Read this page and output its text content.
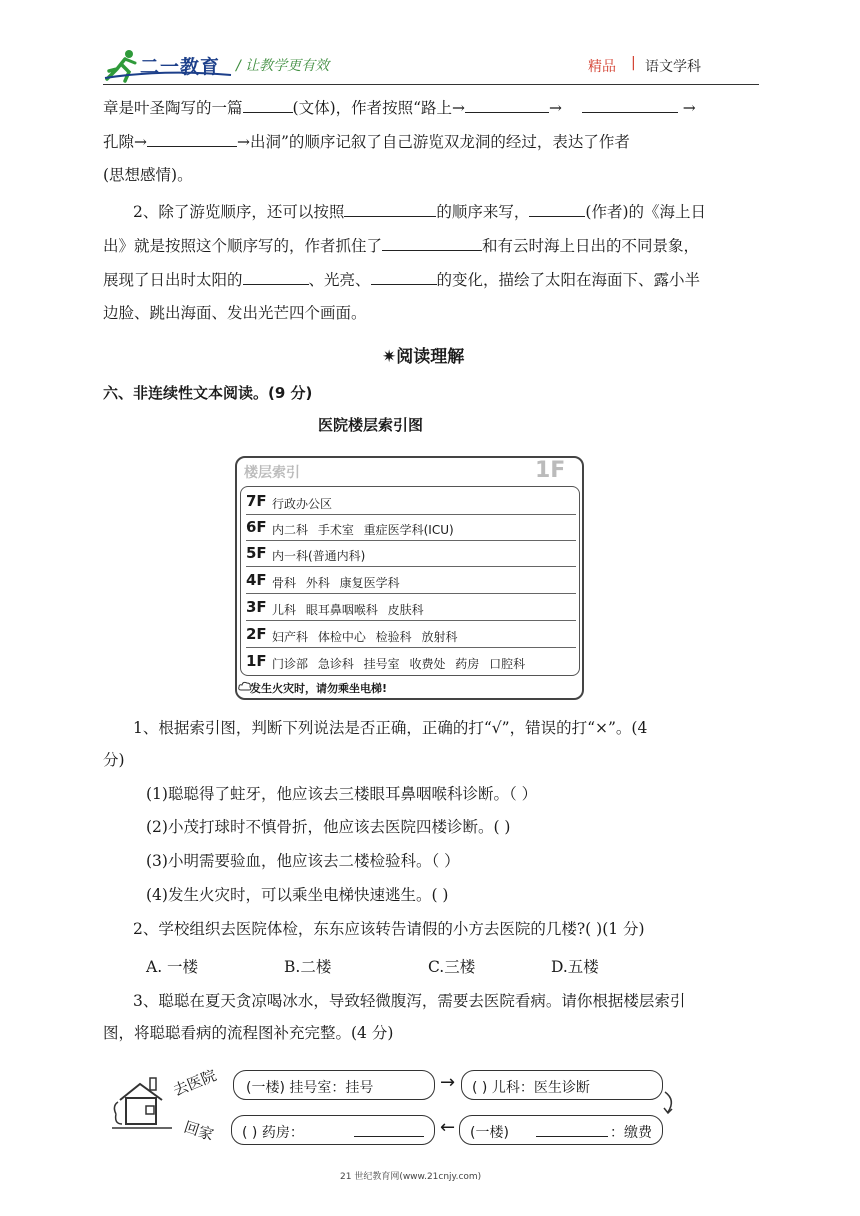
二一教育 / 让教学更有效	精品 | 语文学科
章是叶圣陶写的一篇	(文体)，作者按照“路上→	→	→
孔隙→	→出洞”的顺序记叙了自己游览双龙洞的经过，表达了作者
(思想感情)。
2、除了游览顺序，还可以按照	的顺序来写，	(作者)的《海上日
出》就是按照这个顺序写的，作者抓住了	和有云时海上日出的不同景象，
展现了日出时太阳的	、光亮、	的变化，描绘了太阳在海面下、露小半
边脸、跳出海面、发出光芒四个画面。
✷阅读理解
六、非连续性文本阅读。(9 分)
医院楼层索引图
楼层索引	1F
7F 行政办公区
6F 内二科 手术室 重症医学科(ICU)
5F 内一科(普通内科)
4F 骨科 外科 康复医学科
3F 儿科 眼耳鼻咽喉科 皮肤科
2F 妇产科 体检中心 检验科 放射科
1F 门诊部 急诊科 挂号室 收费处 药房 口腔科
发生火灾时，请勿乘坐电梯!
1、根据索引图，判断下列说法是否正确，正确的打“√”，错误的打“×”。(4
分)
(1)聪聪得了蛀牙，他应该去三楼眼耳鼻咽喉科诊断。（ ）
(2)小茂打球时不慎骨折，他应该去医院四楼诊断。( )
(3)小明需要验血，他应该去二楼检验科。（ ）
(4)发生火灾时，可以乘坐电梯快速逃生。( )
2、学校组织去医院体检，东东应该转告请假的小方去医院的几楼?( )(1 分)
A. 一楼	B.二楼	C.三楼	D.五楼
3、聪聪在夏天贪凉喝冰水，导致轻微腹泻，需要去医院看病。请你根据楼层索引
图，将聪聪看病的流程图补充完整。(4 分)
去医院
回家
(一楼) 挂号室：挂号	→ ( ) 儿科：医生诊断
( ) 药房：	← (一楼)	：缴费
21 世纪教育网(www.21cnjy.com)
